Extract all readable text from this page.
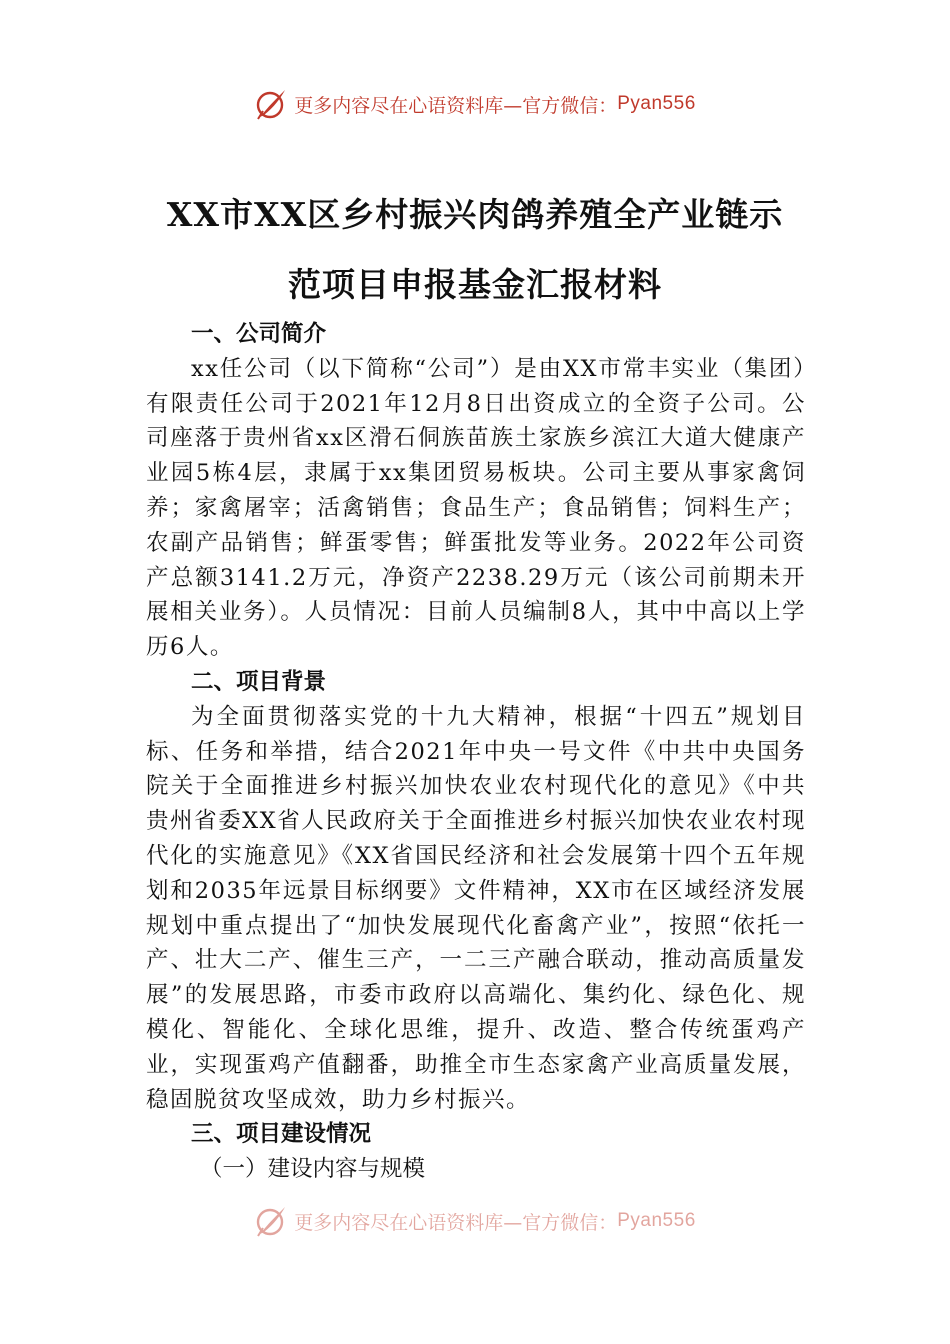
更多内容尽在心语资料库—官方微信： Pyan556
XX市XX区乡村振兴肉鸽养殖全产业链示
范项目申报基金汇报材料
一、公司简介

xx任公司（以下简称“公司”）是由XX市常丰实业（集团）有限责任公司于2021年12月8日出资成立的全资子公司。公司座落于贵州省xx区滑石侗族苗族土家族乡滨江大道大健康产业园5栋4层，隶属于xx集团贸易板块。公司主要从事家禽饲养；家禽屠宰；活禽销售；食品生产；食品销售；饲料生产；农副产品销售；鲜蛋零售；鲜蛋批发等业务。2022年公司资产总额3141.2万元，净资产2238.29万元（该公司前期未开展相关业务）。人员情况：目前人员编制8人，其中中高以上学历6人。

二、项目背景

为全面贯彻落实党的十九大精神，根据“十四五”规划目标、任务和举措，结合2021年中央一号文件《中共中央国务院关于全面推进乡村振兴加快农业农村现代化的意见》《中共贵州省委XX省人民政府关于全面推进乡村振兴加快农业农村现代化的实施意见》《XX省国民经济和社会发展第十四个五年规划和2035年远景目标纲要》文件精神，XX市在区域经济发展规划中重点提出了“加快发展现代化畜禽产业”，按照“依托一产、壮大二产、催生三产，一二三产融合联动，推动高质量发展”的发展思路，市委市政府以高端化、集约化、绿色化、规模化、智能化、全球化思维，提升、改造、整合传统蛋鸡产业，实现蛋鸡产值翻番，助推全市生态家禽产业高质量发展，稳固脱贫攻坚成效，助力乡村振兴。

三、项目建设情况
（一）建设内容与规模
更多内容尽在心语资料库—官方微信： Pyan556
